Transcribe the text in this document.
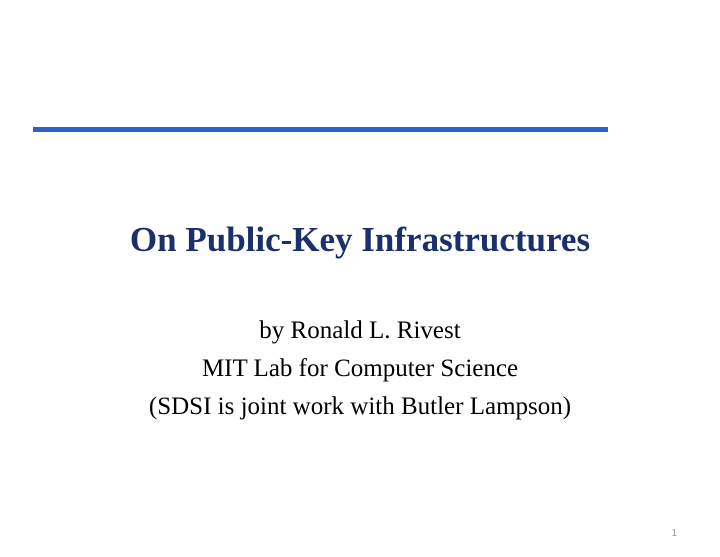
On Public-Key Infrastructures
by Ronald L. Rivest
MIT Lab for Computer Science
(SDSI is joint work with Butler Lampson)
1
